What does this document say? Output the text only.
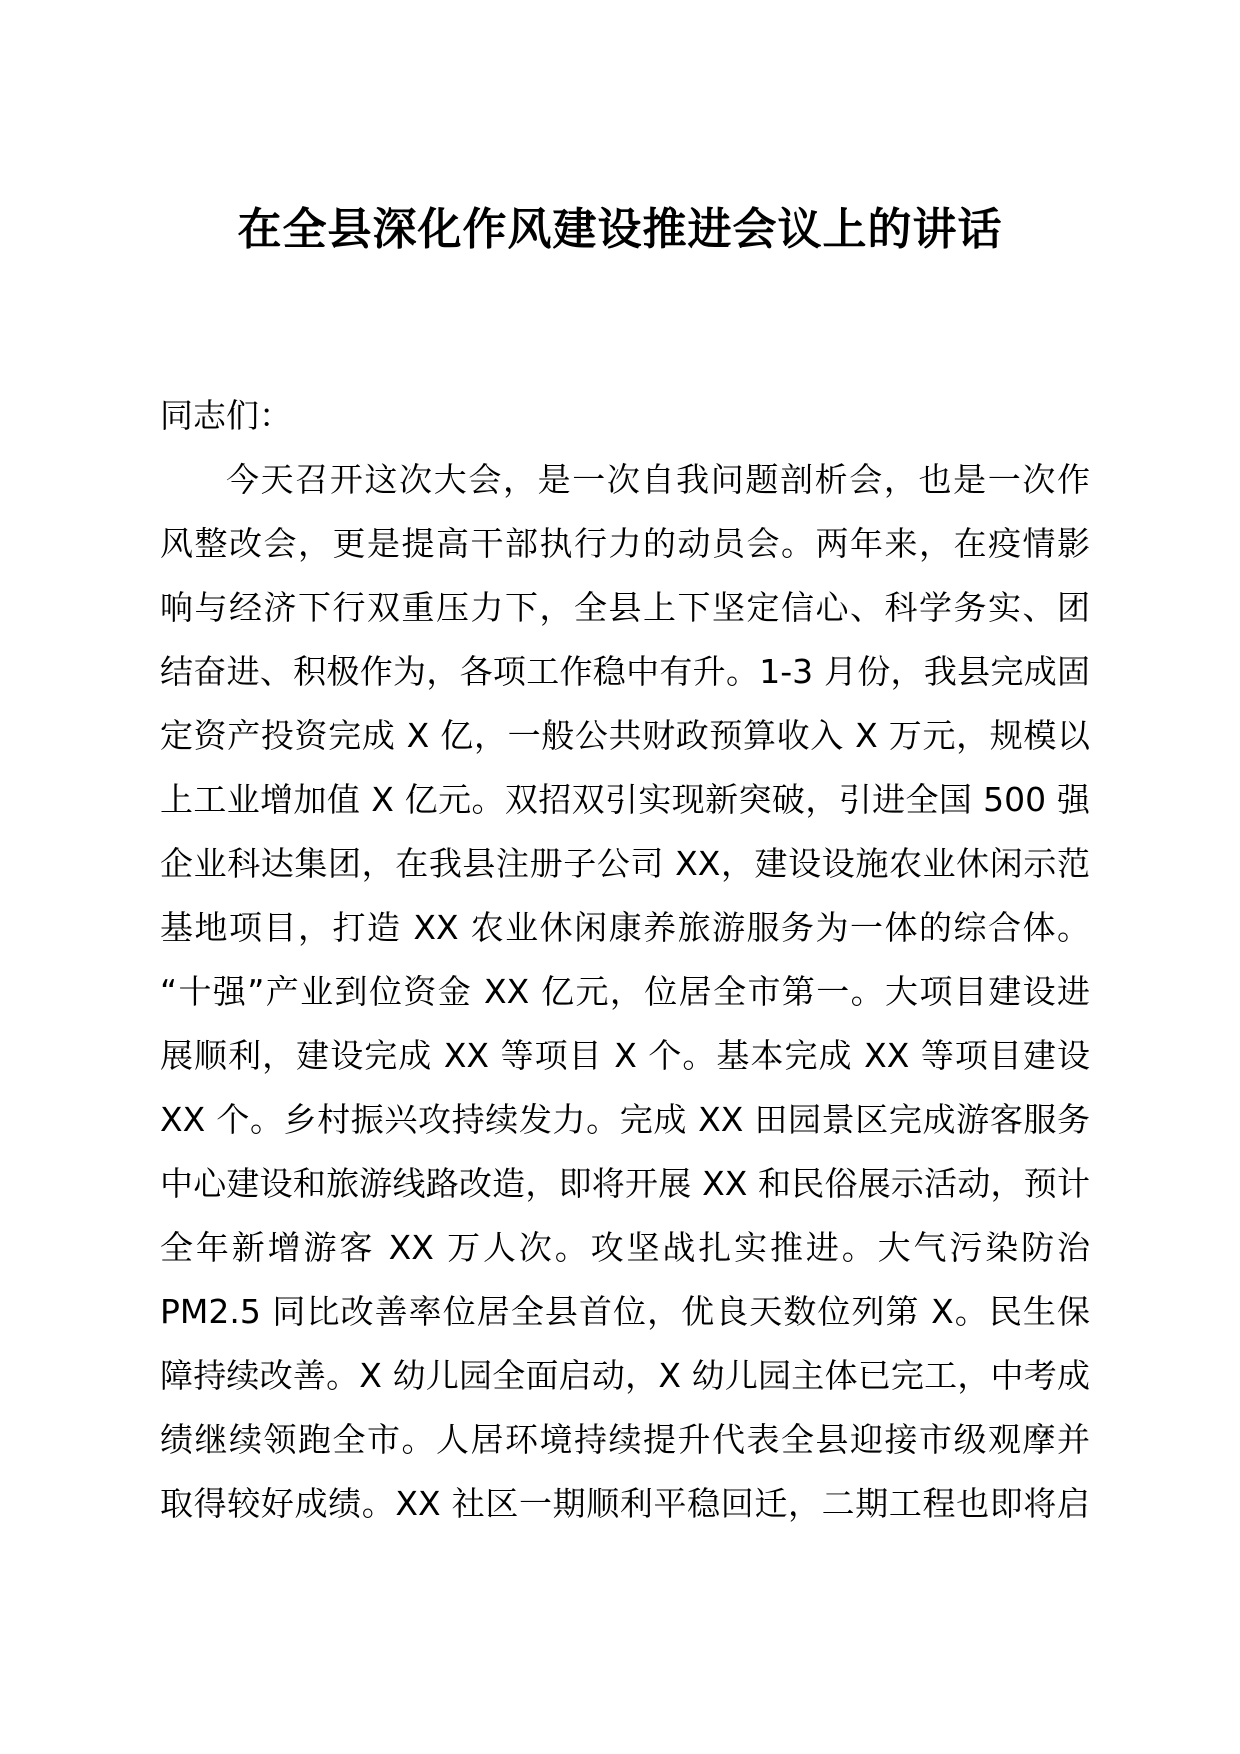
在全县深化作风建设推进会议上的讲话
同志们：
今天召开这次大会，是一次自我问题剖析会，也是一次作
风整改会，更是提高干部执行力的动员会。两年来，在疫情影
响与经济下行双重压力下，全县上下坚定信心、科学务实、团
结奋进、积极作为，各项工作稳中有升。1-3 月份，我县完成固
定资产投资完成 X 亿，一般公共财政预算收入 X 万元，规模以
上工业增加值 X 亿元。双招双引实现新突破，引进全国 500 强
企业科达集团，在我县注册子公司 XX，建设设施农业休闲示范
基地项目，打造 XX 农业休闲康养旅游服务为一体的综合体。
“十强”产业到位资金 XX 亿元，位居全市第一。大项目建设进
展顺利，建设完成 XX 等项目 X 个。基本完成 XX 等项目建设
XX 个。乡村振兴攻持续发力。完成 XX 田园景区完成游客服务
中心建设和旅游线路改造，即将开展 XX 和民俗展示活动，预计
全年新增游客 XX 万人次。攻坚战扎实推进。大气污染防治
PM2.5 同比改善率位居全县首位，优良天数位列第 X。民生保
障持续改善。X 幼儿园全面启动，X 幼儿园主体已完工，中考成
绩继续领跑全市。人居环境持续提升代表全县迎接市级观摩并
取得较好成绩。XX 社区一期顺利平稳回迁，二期工程也即将启
